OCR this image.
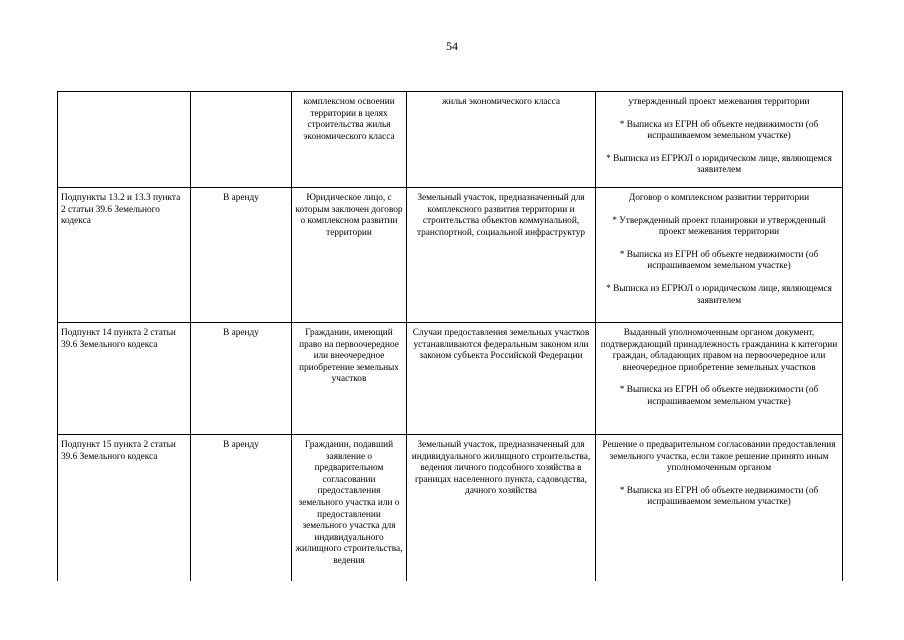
54
		комплексном освоении территории в целях строительства жилья экономического класса	жилья экономического класса	утвержденный проект межевания территории

* Выписка из ЕГРН об объекте недвижимости (об испрашиваемом земельном участке)

* Выписка из ЕГРЮЛ о юридическом лице, являющемся заявителем

Подпункты 13.2 и 13.3 пункта 2 статьи 39.6 Земельного кодекса	В аренду	Юридическое лицо, с которым заключен договор о комплексном развитии территории	Земельный участок, предназначенный для комплексного развития территории и строительства объектов коммунальной, транспортной, социальной инфраструктур	Договор о комплексном развитии территории

* Утвержденный проект планировки и утвержденный проект межевания территории

* Выписка из ЕГРН об объекте недвижимости (об испрашиваемом земельном участке)

* Выписка из ЕГРЮЛ о юридическом лице, являющемся заявителем

Подпункт 14 пункта 2 статьи 39.6 Земельного кодекса	В аренду	Гражданин, имеющий право на первоочередное или внеочередное приобретение земельных участков	Случаи предоставления земельных участков устанавливаются федеральным законом или законом субъекта Российской Федерации	Выданный уполномоченным органом документ, подтверждающий принадлежность гражданина к категории граждан, обладающих правом на первоочередное или внеочередное приобретение земельных участков

* Выписка из ЕГРН об объекте недвижимости (об испрашиваемом земельном участке)

Подпункт 15 пункта 2 статьи 39.6 Земельного кодекса	В аренду	Гражданин, подавший заявление о предварительном согласовании предоставления земельного участка или о предоставлении земельного участка для индивидуального жилищного строительства, ведения	Земельный участок, предназначенный для индивидуального жилищного строительства, ведения личного подсобного хозяйства в границах населенного пункта, садоводства, дачного хозяйства	Решение о предварительном согласовании предоставления земельного участка, если такое решение принято иным уполномоченным органом

* Выписка из ЕГРН об объекте недвижимости (об испрашиваемом земельном участке)
